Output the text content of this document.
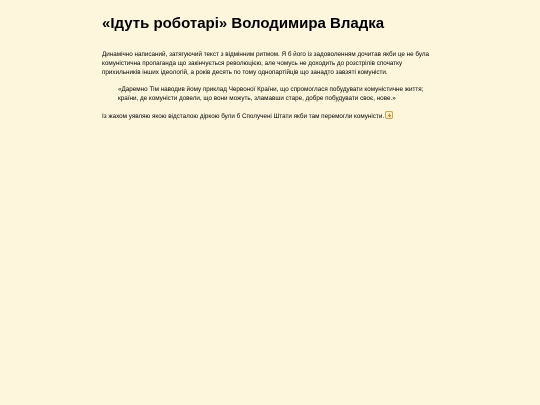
«Ідуть роботарі» Володимира Владка

Динамічно написаний, затягуючий текст з відмінним ритмом. Я б його із задоволенням дочитав якби це не була комуністична пропаганда що закінчується революцією, але чомусь не доходить до розстрілів спочатку прихильників інших ідеологій, а років десять по тому однопартійців що занадто завзяті комуністи.

«Даремно Тім наводив йому приклад Червоної Країни, що спромоглася побудувати комуністичне життя; країни, де комуністи довели, що вони можуть, зламавши старе, добре побудувати своє, нове.»

Із жахом уявляю якою відсталою діркою були б Сполучені Штати якби там перемогли комуністи.
